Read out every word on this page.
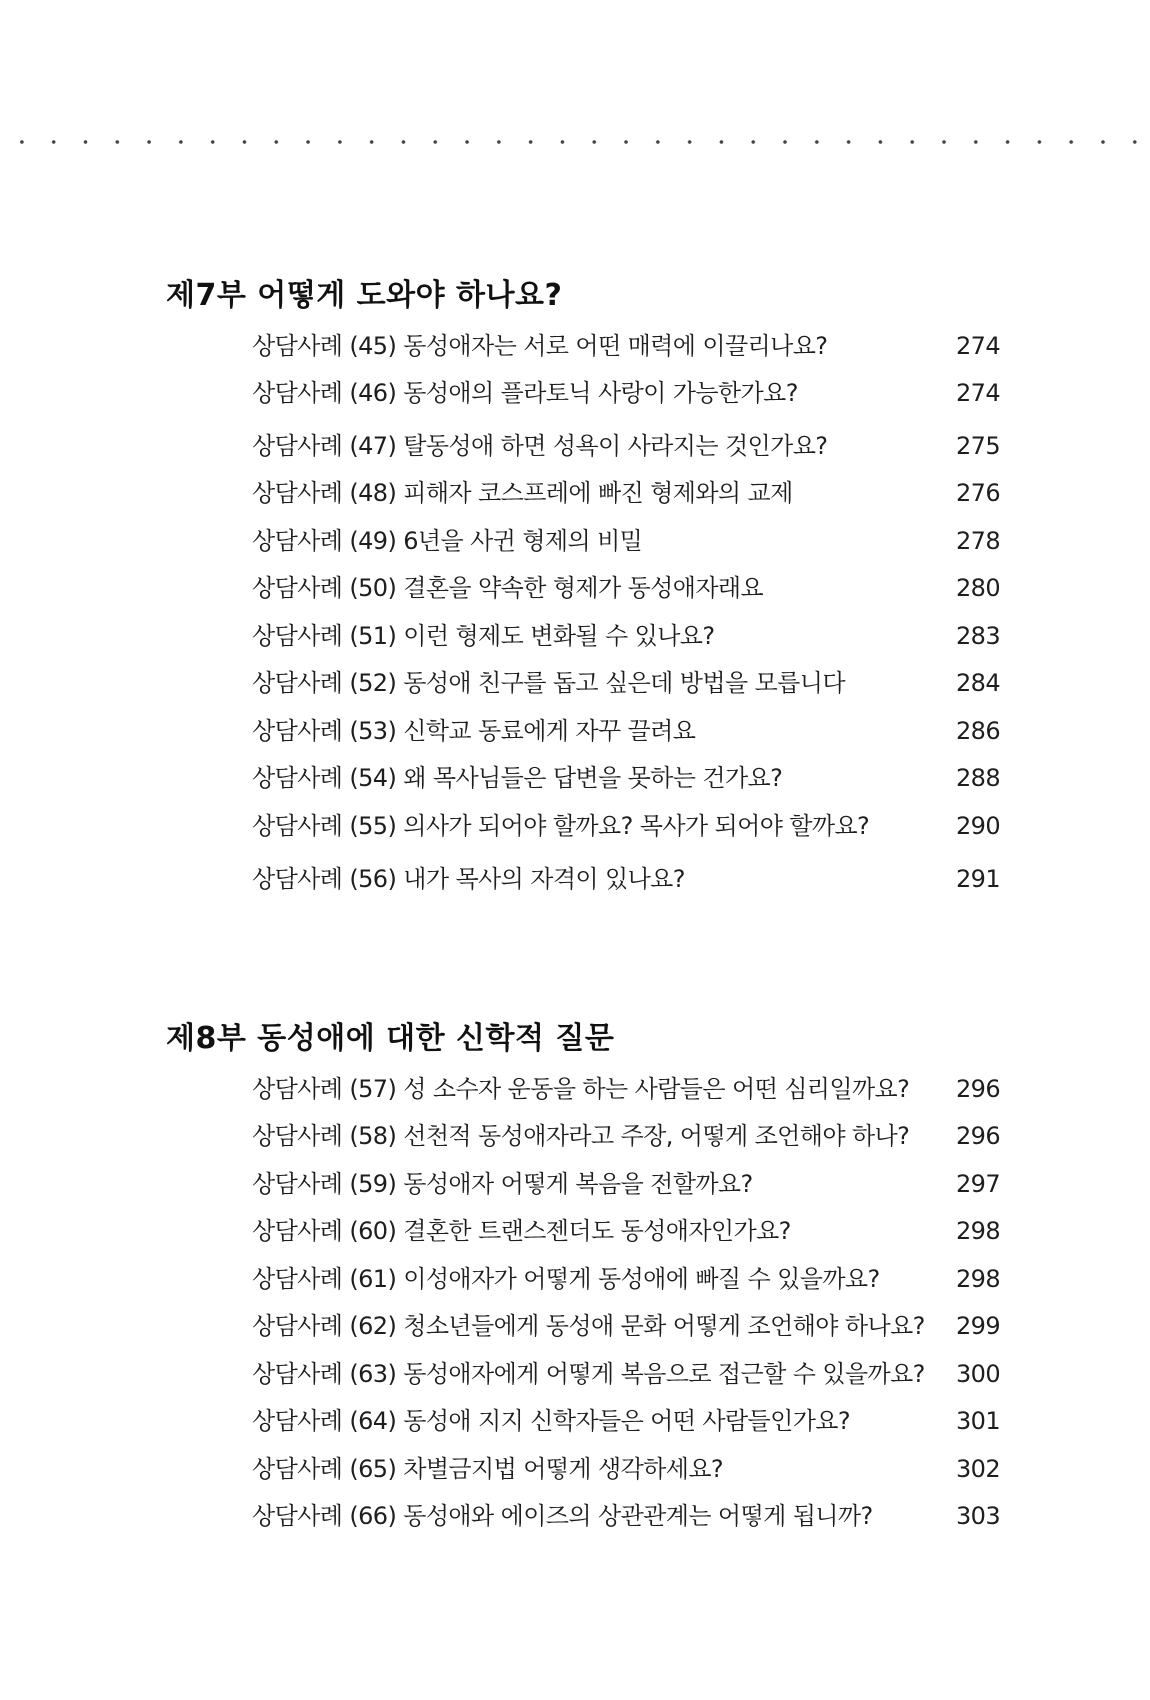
제7부 어떻게 도와야 하나요?
상담사례 (45) 동성애자는 서로 어떤 매력에 이끌리나요?	274
상담사례 (46) 동성애의 플라토닉 사랑이 가능한가요?	274
상담사례 (47) 탈동성애 하면 성욕이 사라지는 것인가요?	275
상담사례 (48) 피해자 코스프레에 빠진 형제와의 교제	276
상담사례 (49) 6년을 사귄 형제의 비밀	278
상담사례 (50) 결혼을 약속한 형제가 동성애자래요	280
상담사례 (51) 이런 형제도 변화될 수 있나요?	283
상담사례 (52) 동성애 친구를 돕고 싶은데 방법을 모릅니다	284
상담사례 (53) 신학교 동료에게 자꾸 끌려요	286
상담사례 (54) 왜 목사님들은 답변을 못하는 건가요?	288
상담사례 (55) 의사가 되어야 할까요? 목사가 되어야 할까요?	290
상담사례 (56) 내가 목사의 자격이 있나요?	291
제8부 동성애에 대한 신학적 질문
상담사례 (57) 성 소수자 운동을 하는 사람들은 어떤 심리일까요? 296
상담사례 (58) 선천적 동성애자라고 주장, 어떻게 조언해야 하나? 296
상담사례 (59) 동성애자 어떻게 복음을 전할까요?	297
상담사례 (60) 결혼한 트랜스젠더도 동성애자인가요?	298
상담사례 (61) 이성애자가 어떻게 동성애에 빠질 수 있을까요?	298
상담사례 (62) 청소년들에게 동성애 문화 어떻게 조언해야 하나요? 299
상담사례 (63) 동성애자에게 어떻게 복음으로 접근할 수 있을까요? 300
상담사례 (64) 동성애 지지 신학자들은 어떤 사람들인가요?	301
상담사례 (65) 차별금지법 어떻게 생각하세요?	302
상담사례 (66) 동성애와 에이즈의 상관관계는 어떻게 됩니까?	303
